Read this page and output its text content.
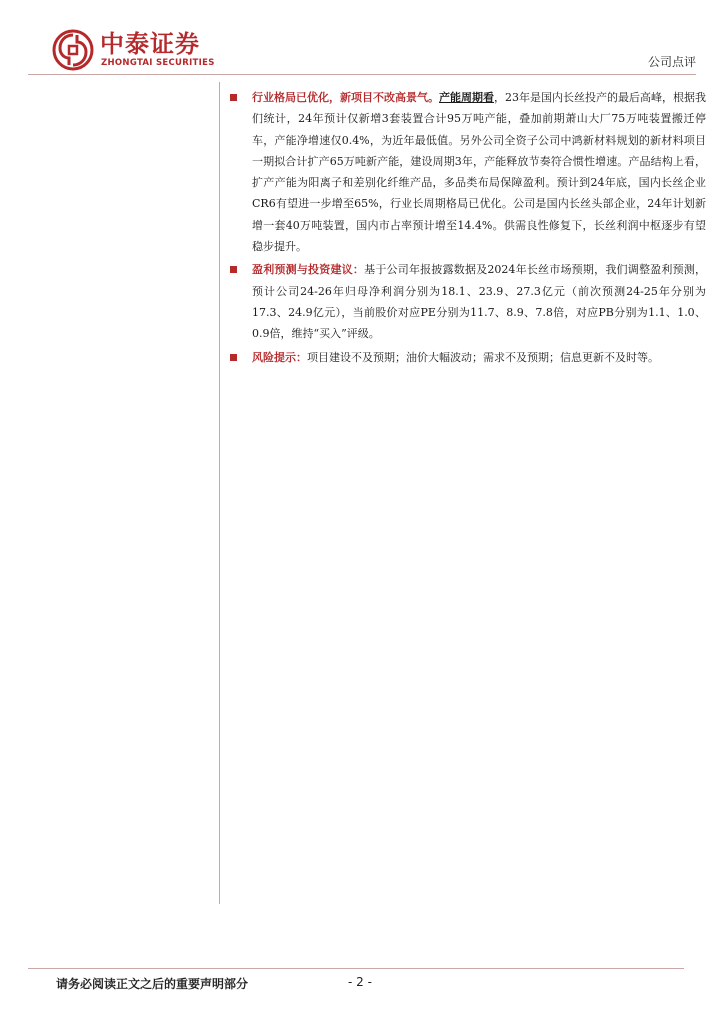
中泰证券
ZHONGTAI SECURITIES	公司点评

行业格局已优化，新项目不改高景气。产能周期看，23年是国内长丝投产的最后高峰，根据我们统计，24年预计仅新增3套装置合计95万吨产能，叠加前期萧山大厂75万吨装置搬迁停车，产能净增速仅0.4%，为近年最低值。另外公司全资子公司中鸿新材料规划的新材料项目一期拟合计扩产65万吨新产能，建设周期3年，产能释放节奏符合惯性增速。产品结构上看，扩产产能为阳离子和差别化纤维产品，多品类布局保障盈利。预计到24年底，国内长丝企业CR6有望进一步增至65%，行业长周期格局已优化。公司是国内长丝头部企业，24年计划新增一套40万吨装置，国内市占率预计增至14.4%。供需良性修复下，长丝利润中枢逐步有望稳步提升。

盈利预测与投资建议：基于公司年报披露数据及2024年长丝市场预期，我们调整盈利预测，预计公司24-26年归母净利润分别为18.1、23.9、27.3亿元（前次预测24-25年分别为17.3、24.9亿元），当前股价对应PE分别为11.7、8.9、7.8倍，对应PB分别为1.1、1.0、0.9倍，维持“买入”评级。

风险提示：项目建设不及预期；油价大幅波动；需求不及预期；信息更新不及时等。

请务必阅读正文之后的重要声明部分	- 2 -
